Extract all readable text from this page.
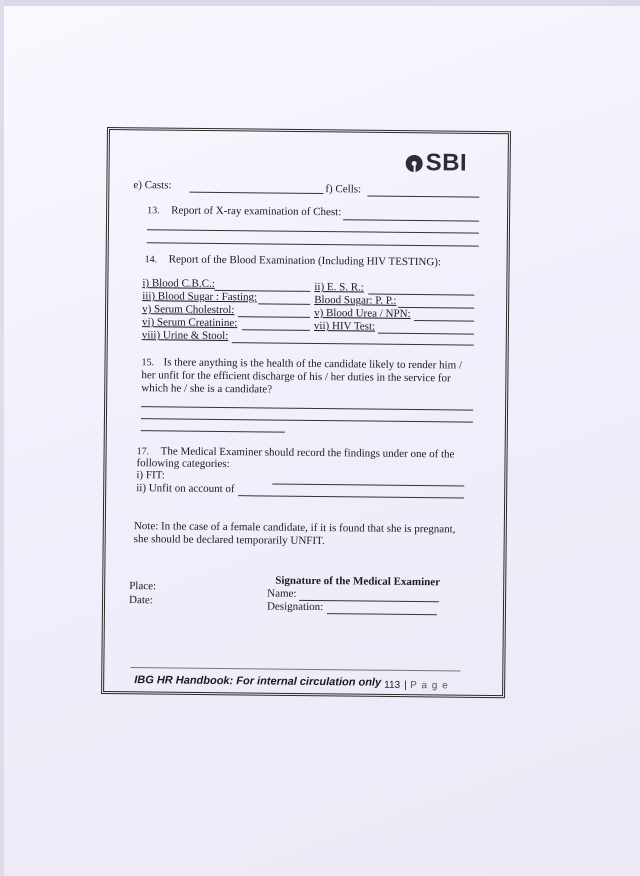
SBI
e) Casts:	f) Cells:
13. Report of X-ray examination of Chest:
14. Report of the Blood Examination (Including HIV TESTING):
i) Blood C.B.C.:	ii) E. S. R.:
iii) Blood Sugar : Fasting:	Blood Sugar: P. P.:
v) Serum Cholestrol:	v) Blood Urea / NPN:
vi) Serum Creatinine:	vii) HIV Test:
viii) Urine & Stool:
15. Is there anything is the health of the candidate likely to render him /
her unfit for the efficient discharge of his / her duties in the service for
which he / she is a candidate?
17. The Medical Examiner should record the findings under one of the
following categories:
i) FIT:
ii) Unfit on account of
Note: In the case of a female candidate, if it is found that she is pregnant,
she should be declared temporarily UNFIT.
Signature of the Medical Examiner
Place:
Date:
Name:
Designation:
IBG HR Handbook: For internal circulation only 113 | P a g e
